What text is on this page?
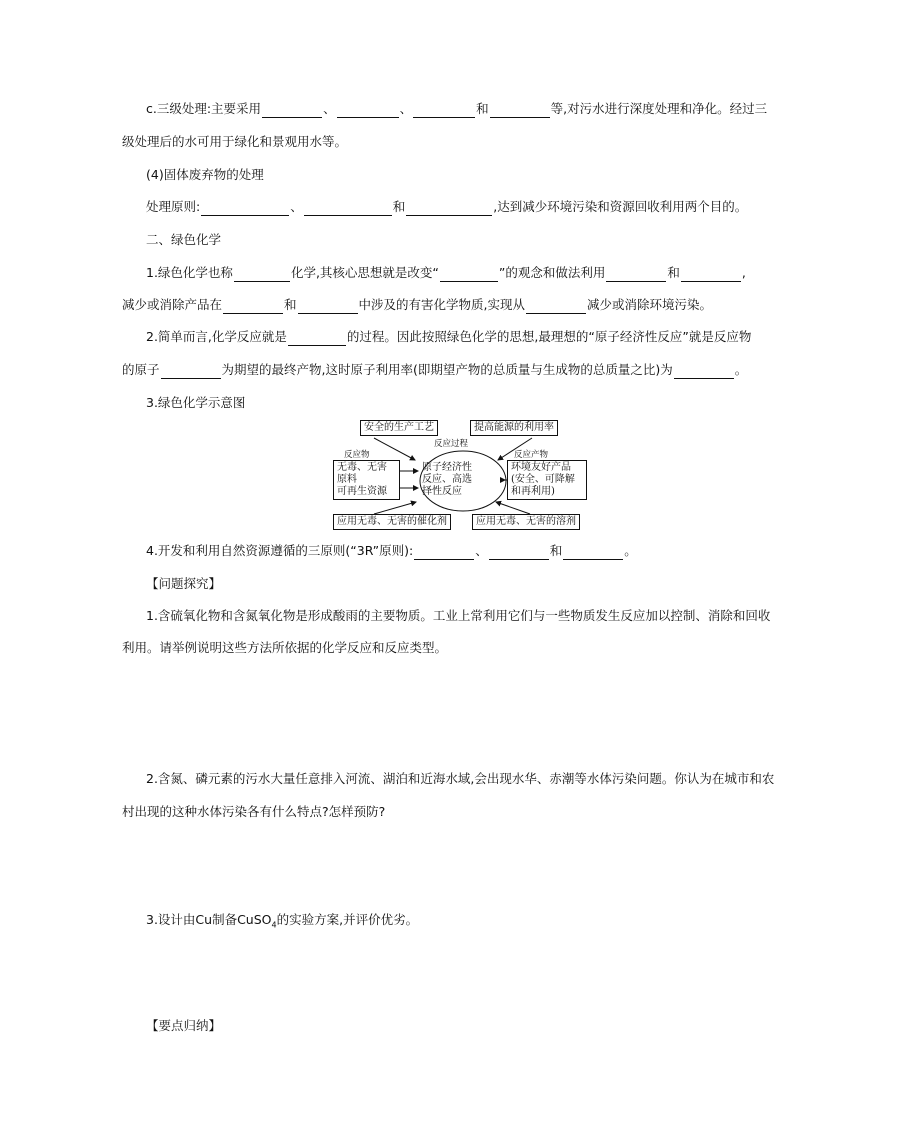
c.三级处理:主要采用	、	、	和	等,对污水进行深度处理和净化。经过三
级处理后的水可用于绿化和景观用水等。
(4)固体废弃物的处理
处理原则:	、	和	,达到减少环境污染和资源回收利用两个目的。
二、绿色化学
1.绿色化学也称	化学,其核心思想就是改变“	”的观念和做法利用	和	,
减少或消除产品在	和	中涉及的有害化学物质,实现从	减少或消除环境污染。
2.简单而言,化学反应就是	的过程。因此按照绿色化学的思想,最理想的“原子经济性反应”就是反应物
的原子	为期望的最终产物,这时原子利用率(即期望产物的总质量与生成物的总质量之比)为	。
3.绿色化学示意图
安全的生产工艺	提高能源的利用率
反应过程
反应物
无毒、无害
原料
可再生资源
原子经济性
反应、高选
择性反应
反应产物
环境友好产品
(安全、可降解
和再利用)
应用无毒、无害的催化剂	应用无毒、无害的溶剂
4.开发和利用自然资源遵循的三原则(“3R”原则):	、	和	。
【问题探究】
1.含硫氧化物和含氮氧化物是形成酸雨的主要物质。工业上常利用它们与一些物质发生反应加以控制、消除和回收
利用。请举例说明这些方法所依据的化学反应和反应类型。
2.含氮、磷元素的污水大量任意排入河流、湖泊和近海水域,会出现水华、赤潮等水体污染问题。你认为在城市和农
村出现的这种水体污染各有什么特点?怎样预防?
3.设计由Cu制备CuSO$_4$的实验方案,并评价优劣。
【要点归纳】
